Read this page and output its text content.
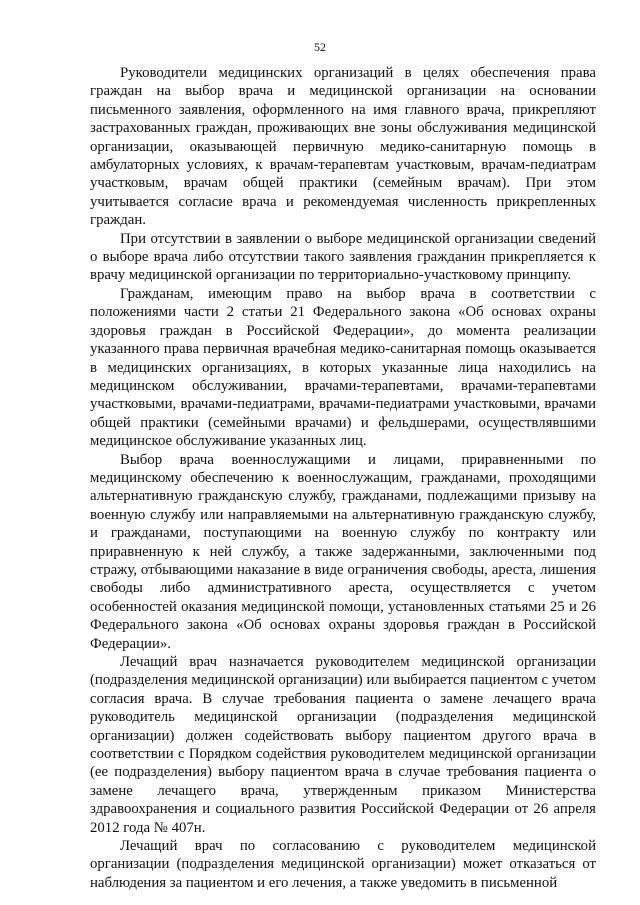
52

Руководители медицинских организаций в целях обеспечения права граждан на выбор врача и медицинской организации на основании письменного заявления, оформленного на имя главного врача, прикрепляют застрахованных граждан, проживающих вне зоны обслуживания медицинской организации, оказывающей первичную медико-санитарную помощь в амбулаторных условиях, к врачам-терапевтам участковым, врачам-педиатрам участковым, врачам общей практики (семейным врачам). При этом учитывается согласие врача и рекомендуемая численность прикрепленных граждан.

При отсутствии в заявлении о выборе медицинской организации сведений о выборе врача либо отсутствии такого заявления гражданин прикрепляется к врачу медицинской организации по территориально-участковому принципу.

Гражданам, имеющим право на выбор врача в соответствии с положениями части 2 статьи 21 Федерального закона «Об основах охраны здоровья граждан в Российской Федерации», до момента реализации указанного права первичная врачебная медико-санитарная помощь оказывается в медицинских организациях, в которых указанные лица находились на медицинском обслуживании, врачами-терапевтами, врачами-терапевтами участковыми, врачами-педиатрами, врачами-педиатрами участковыми, врачами общей практики (семейными врачами) и фельдшерами, осуществлявшими медицинское обслуживание указанных лиц.

Выбор врача военнослужащими и лицами, приравненными по медицинскому обеспечению к военнослужащим, гражданами, проходящими альтернативную гражданскую службу, гражданами, подлежащими призыву на военную службу или направляемыми на альтернативную гражданскую службу, и гражданами, поступающими на военную службу по контракту или приравненную к ней службу, а также задержанными, заключенными под стражу, отбывающими наказание в виде ограничения свободы, ареста, лишения свободы либо административного ареста, осуществляется с учетом особенностей оказания медицинской помощи, установленных статьями 25 и 26 Федерального закона «Об основах охраны здоровья граждан в Российской Федерации».

Лечащий врач назначается руководителем медицинской организации (подразделения медицинской организации) или выбирается пациентом с учетом согласия врача. В случае требования пациента о замене лечащего врача руководитель медицинской организации (подразделения медицинской организации) должен содействовать выбору пациентом другого врача в соответствии с Порядком содействия руководителем медицинской организации (ее подразделения) выбору пациентом врача в случае требования пациента о замене лечащего врача, утвержденным приказом Министерства здравоохранения и социального развития Российской Федерации от 26 апреля 2012 года № 407н.

Лечащий врач по согласованию с руководителем медицинской организации (подразделения медицинской организации) может отказаться от наблюдения за пациентом и его лечения, а также уведомить в письменной
